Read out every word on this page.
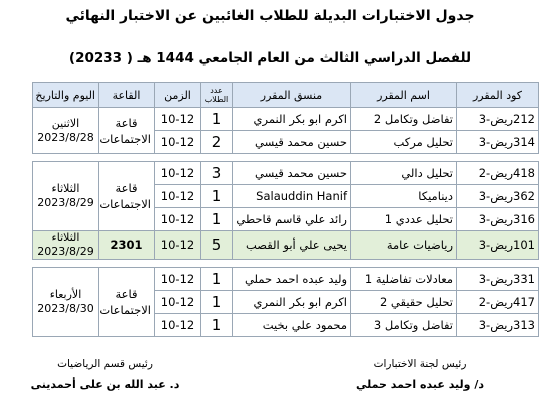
جدول الاختبارات البديلة للطلاب الغائبين عن الاختبار النهائي
للفصل الدراسي الثالث من العام الجامعي 1444 هـ ( 20233)
كود المقرر	اسم المقرر	منسق المقرر	عدد الطلاب	الزمن	القاعة	اليوم والتاريخ
212ريض-3	تفاضل وتكامل 2	اكرم ابو بكر النمري	1	10-12	قاعة الاجتماعات	الاثنين
2023/8/28
314ريض-3	تحليل مركب	حسين محمد قيسي	2	10-12		

418ريض-2	تحليل دالي	حسين محمد قيسي	3	10-12	قاعة الاجتماعات	الثلاثاء
2023/8/29
362ريض-3	ديناميكا	Salauddin Hanif	1	10-12		
316ريض-3	تحليل عددي 1	رائد علي قاسم قاحطي	1	10-12		
101ريض-3	رياضيات عامة	يحيى علي أبو القصب	5	10-12	2301	الثلاثاء
2023/8/29

331ريض-3	معادلات تفاضلية 1	وليد عبده احمد حملي	1	10-12	قاعة الاجتماعات	الأربعاء
2023/8/30
417ريض-2	تحليل حقيقي 2	اكرم ابو بكر النمري	1	10-12		
313ريض-3	تفاضل وتكامل 3	محمود علي بخيت	1	10-12		
رئيس قسم الرياضيات
د. عبد الله بن على أحمدينى
رئيس لجنة الاختبارات
د/ وليد عبده احمد حملي
